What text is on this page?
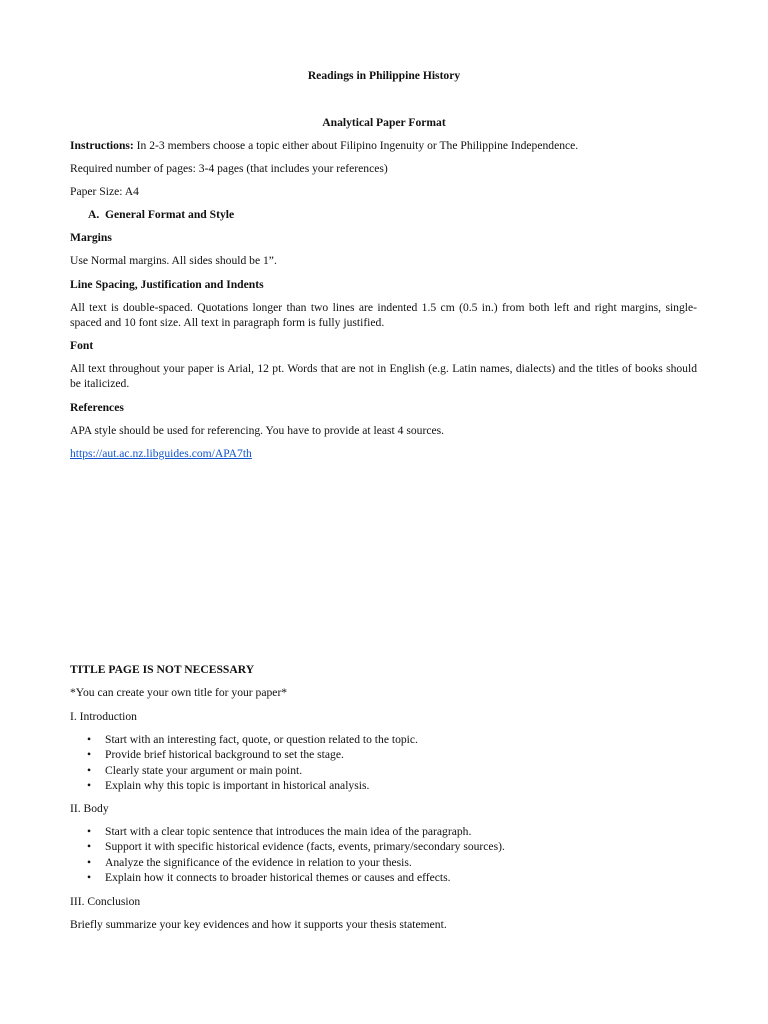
Readings in Philippine History

Analytical Paper Format

Instructions: In 2-3 members choose a topic either about Filipino Ingenuity or The Philippine Independence.

Required number of pages: 3-4 pages (that includes your references)

Paper Size: A4

A. General Format and Style

Margins

Use Normal margins. All sides should be 1”.

Line Spacing, Justification and Indents

All text is double-spaced. Quotations longer than two lines are indented 1.5 cm (0.5 in.) from both left and right margins, single-spaced and 10 font size. All text in paragraph form is fully justified.

Font

All text throughout your paper is Arial, 12 pt. Words that are not in English (e.g. Latin names, dialects) and the titles of books should be italicized.

References

APA style should be used for referencing. You have to provide at least 4 sources.

https://aut.ac.nz.libguides.com/APA7th

TITLE PAGE IS NOT NECESSARY

*You can create your own title for your paper*

I. Introduction

• Start with an interesting fact, quote, or question related to the topic.
• Provide brief historical background to set the stage.
• Clearly state your argument or main point.
• Explain why this topic is important in historical analysis.

II. Body

• Start with a clear topic sentence that introduces the main idea of the paragraph.
• Support it with specific historical evidence (facts, events, primary/secondary sources).
• Analyze the significance of the evidence in relation to your thesis.
• Explain how it connects to broader historical themes or causes and effects.

III. Conclusion

Briefly summarize your key evidences and how it supports your thesis statement.
